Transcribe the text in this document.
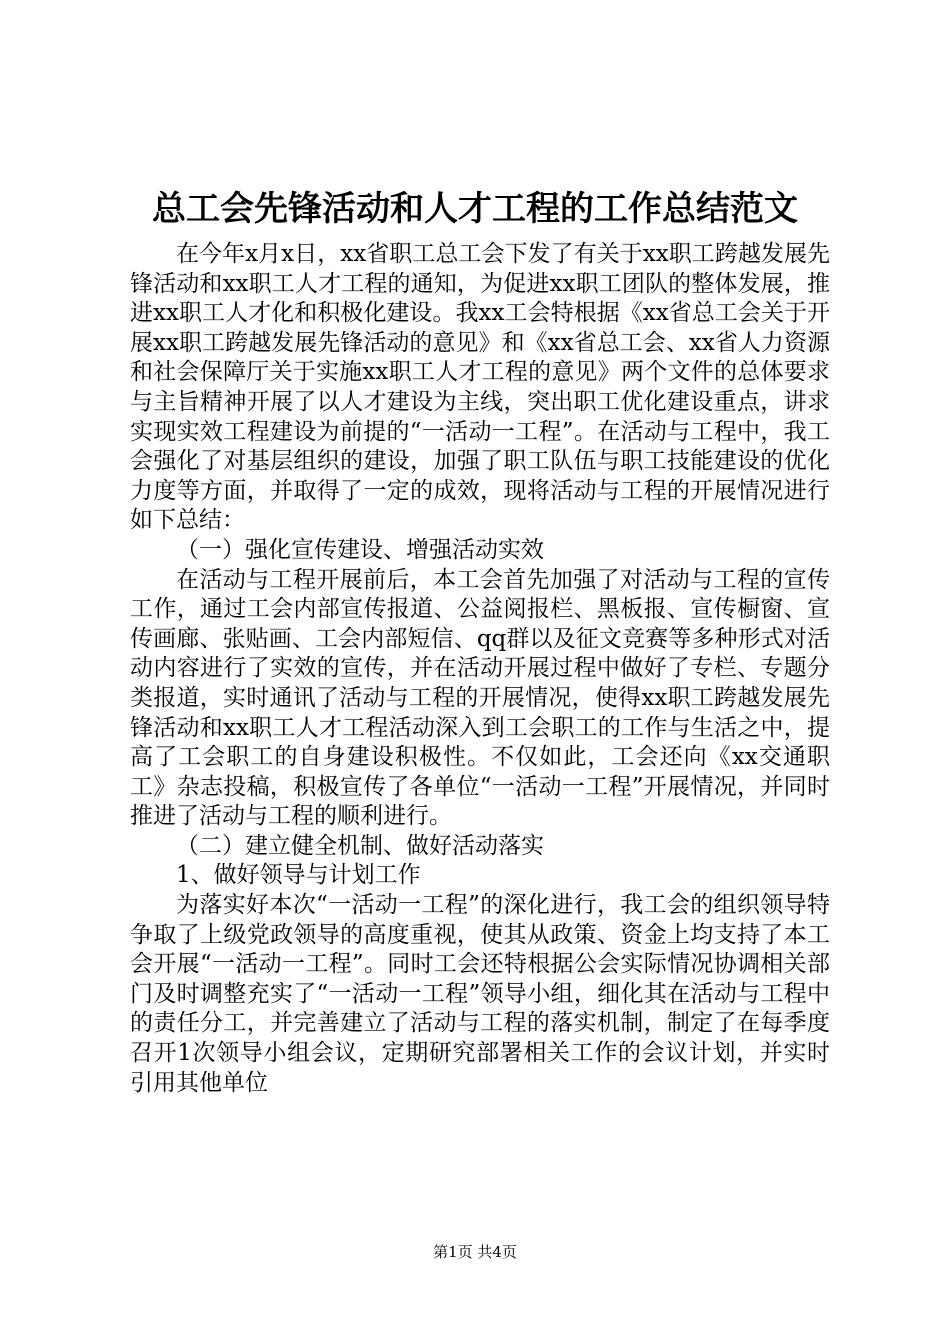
总工会先锋活动和人才工程的工作总结范文

在今年x月x日，xx省职工总工会下发了有关于xx职工跨越发展先锋活动和xx职工人才工程的通知，为促进xx职工团队的整体发展，推进xx职工人才化和积极化建设。我xx工会特根据《xx省总工会关于开展xx职工跨越发展先锋活动的意见》和《xx省总工会、xx省人力资源和社会保障厅关于实施xx职工人才工程的意见》两个文件的总体要求与主旨精神开展了以人才建设为主线，突出职工优化建设重点，讲求实现实效工程建设为前提的“一活动一工程”。在活动与工程中，我工会强化了对基层组织的建设，加强了职工队伍与职工技能建设的优化力度等方面，并取得了一定的成效，现将活动与工程的开展情况进行如下总结：

（一）强化宣传建设、增强活动实效

在活动与工程开展前后，本工会首先加强了对活动与工程的宣传工作，通过工会内部宣传报道、公益阅报栏、黑板报、宣传橱窗、宣传画廊、张贴画、工会内部短信、qq群以及征文竞赛等多种形式对活动内容进行了实效的宣传，并在活动开展过程中做好了专栏、专题分类报道，实时通讯了活动与工程的开展情况，使得xx职工跨越发展先锋活动和xx职工人才工程活动深入到工会职工的工作与生活之中，提高了工会职工的自身建设积极性。不仅如此，工会还向《xx交通职工》杂志投稿，积极宣传了各单位“一活动一工程”开展情况，并同时推进了活动与工程的顺利进行。

（二）建立健全机制、做好活动落实

1、做好领导与计划工作

为落实好本次“一活动一工程”的深化进行，我工会的组织领导特争取了上级党政领导的高度重视，使其从政策、资金上均支持了本工会开展“一活动一工程”。同时工会还特根据公会实际情况协调相关部门及时调整充实了“一活动一工程”领导小组，细化其在活动与工程中的责任分工，并完善建立了活动与工程的落实机制，制定了在每季度召开1次领导小组会议，定期研究部署相关工作的会议计划，并实时引用其他单位

第1页 共4页
